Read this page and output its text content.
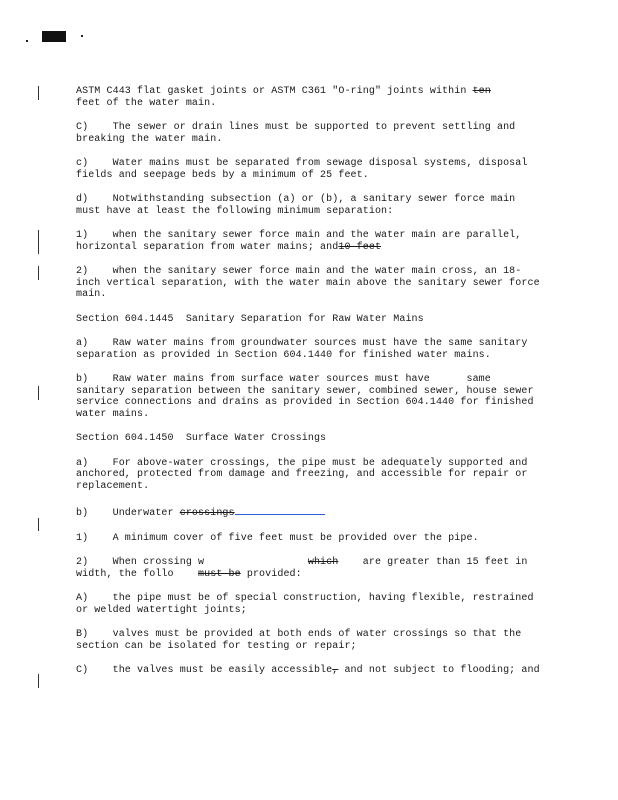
ASTM C443 flat gasket joints or ASTM C361 "O-ring" joints within ten
feet of the water main.

C)    The sewer or drain lines must be supported to prevent settling and breaking the water main.

c)    Water mains must be separated from sewage disposal systems, disposal fields and seepage beds by a minimum of 25 feet.

d)    Notwithstanding subsection (a) or (b), a sanitary sewer force main must have at least the following minimum separation:

1)    when the sanitary sewer force main and the water main are parallel,         horizontal separation from water mains; and10 feet

2)    when the sanitary sewer force main and the water main cross, an 18-inch vertical separation, with the water main above the sanitary sewer force main.

Section 604.1445  Sanitary Separation for Raw Water Mains

a)    Raw water mains from groundwater sources must have the same sanitary separation as provided in Section 604.1440 for finished water mains.

b)    Raw water mains from surface water sources must have      same sanitary separation between the sanitary sewer, combined sewer, house sewer service connections and drains as provided in Section 604.1440 for finished water mains.

Section 604.1450  Surface Water Crossings

a)    For above-water crossings, the pipe must be adequately supported and anchored, protected from damage and freezing, and accessible for repair or replacement.

b)    Underwater crossings

1)    A minimum cover of five feet must be provided over the pipe.

2)    When crossing w                 which    are greater than 15 feet in width, the follo    must be provided:

A)    the pipe must be of special construction, having flexible, restrained or welded watertight joints;

B)    valves must be provided at both ends of water crossings so that the section can be isolated for testing or repair;

C)    the valves must be easily accessible, and not subject to flooding; and
